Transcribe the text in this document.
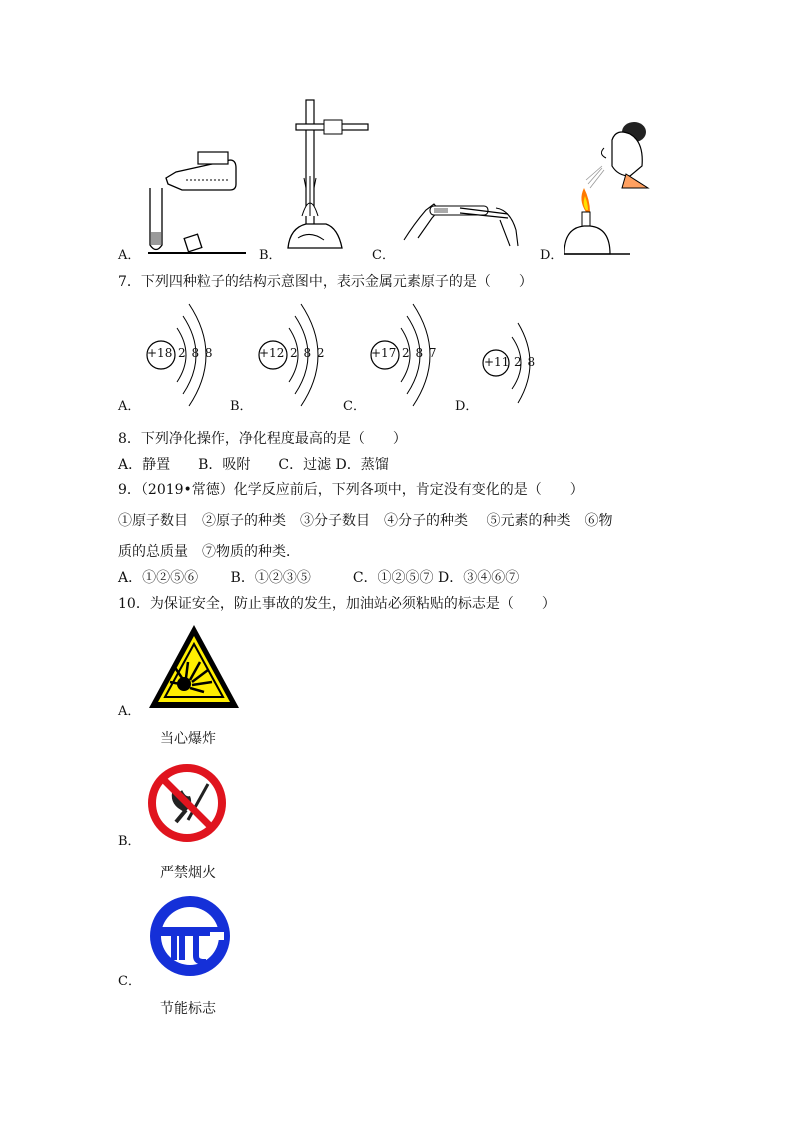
A．	B．	C．	D．
7．下列四种粒子的结构示意图中，表示金属元素原子的是（　　）
A．	B．	C．	D．
+18 2 8 8	+12 2 8 2	+17 2 8 7
+11 2 8
8．下列净化操作，净化程度最高的是（　　）
A．静置　　B．吸附　　C．过滤 D．蒸馏
9．（2019•常德）化学反应前后，下列各项中，肯定没有变化的是（　　）
①原子数目　②原子的种类　③分子数目　④分子的种类　 ⑤元素的种类　⑥物
质的总质量　⑦物质的种类．
A．①②⑤⑥　　 B．①②③⑤　　　C．①②⑤⑦ D．③④⑥⑦
10．为保证安全，防止事故的发生，加油站必须粘贴的标志是（　　）
A．
当心爆炸
B．
严禁烟火
C．
节能标志
